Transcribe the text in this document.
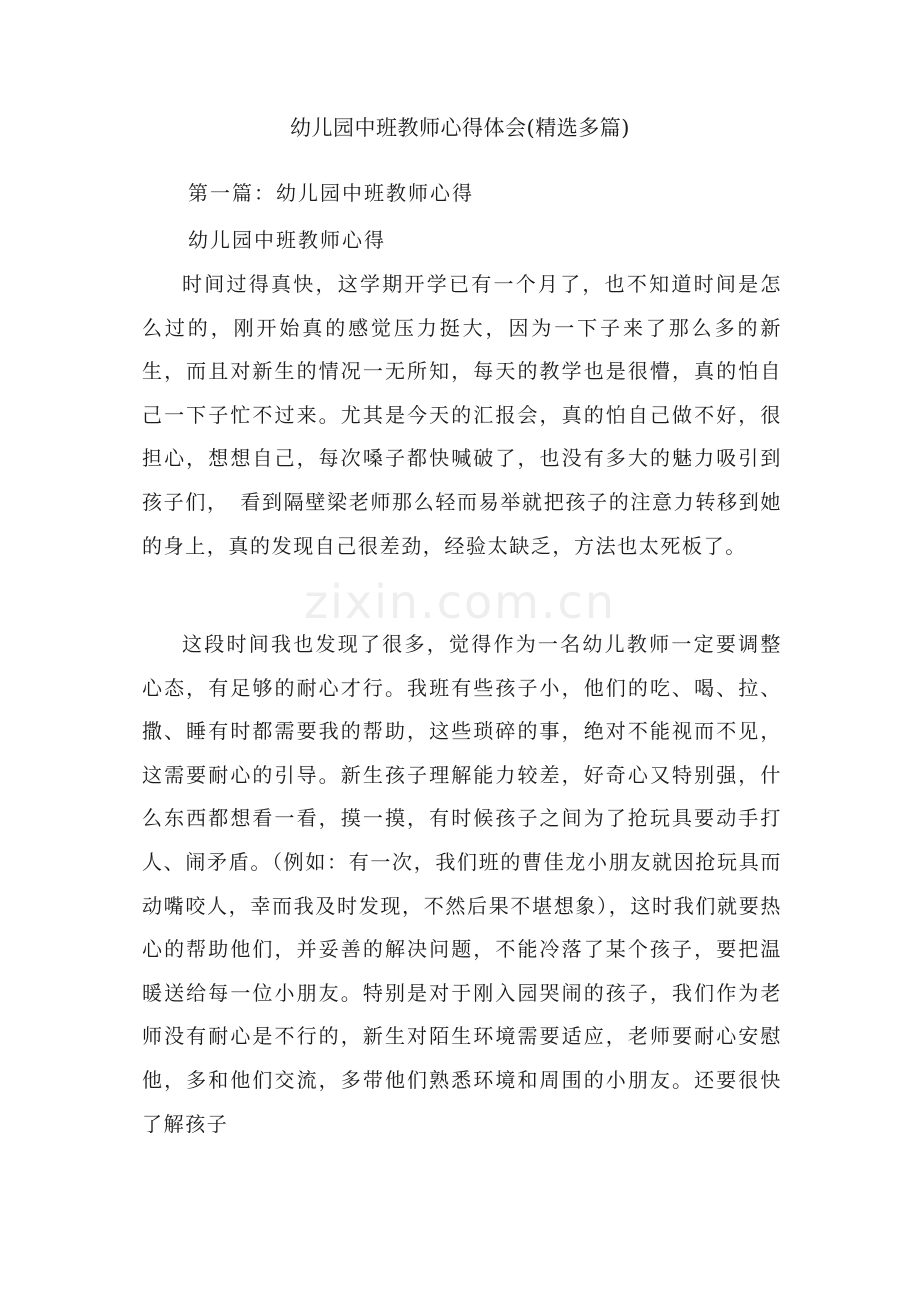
幼儿园中班教师心得体会(精选多篇)
第一篇：幼儿园中班教师心得
幼儿园中班教师心得

时间过得真快，这学期开学已有一个月了，也不知道时间是怎么过的，刚开始真的感觉压力挺大，因为一下子来了那么多的新生，而且对新生的情况一无所知，每天的教学也是很懵，真的怕自己一下子忙不过来。尤其是今天的汇报会，真的怕自己做不好，很担心，想想自己，每次嗓子都快喊破了，也没有多大的魅力吸引到孩子们，　看到隔壁梁老师那么轻而易举就把孩子的注意力转移到她的身上，真的发现自己很差劲，经验太缺乏，方法也太死板了。

这段时间我也发现了很多，觉得作为一名幼儿教师一定要调整心态，有足够的耐心才行。我班有些孩子小，他们的吃、喝、拉、撒、睡有时都需要我的帮助，这些琐碎的事，绝对不能视而不见，这需要耐心的引导。新生孩子理解能力较差，好奇心又特别强，什么东西都想看一看，摸一摸，有时候孩子之间为了抢玩具要动手打人、闹矛盾。（例如：有一次，我们班的曹佳龙小朋友就因抢玩具而动嘴咬人，幸而我及时发现，不然后果不堪想象），这时我们就要热心的帮助他们，并妥善的解决问题，不能冷落了某个孩子，要把温暖送给每一位小朋友。特别是对于刚入园哭闹的孩子，我们作为老师没有耐心是不行的，新生对陌生环境需要适应，老师要耐心安慰他，多和他们交流，多带他们熟悉环境和周围的小朋友。还要很快了解孩子

zixin.com.cn
